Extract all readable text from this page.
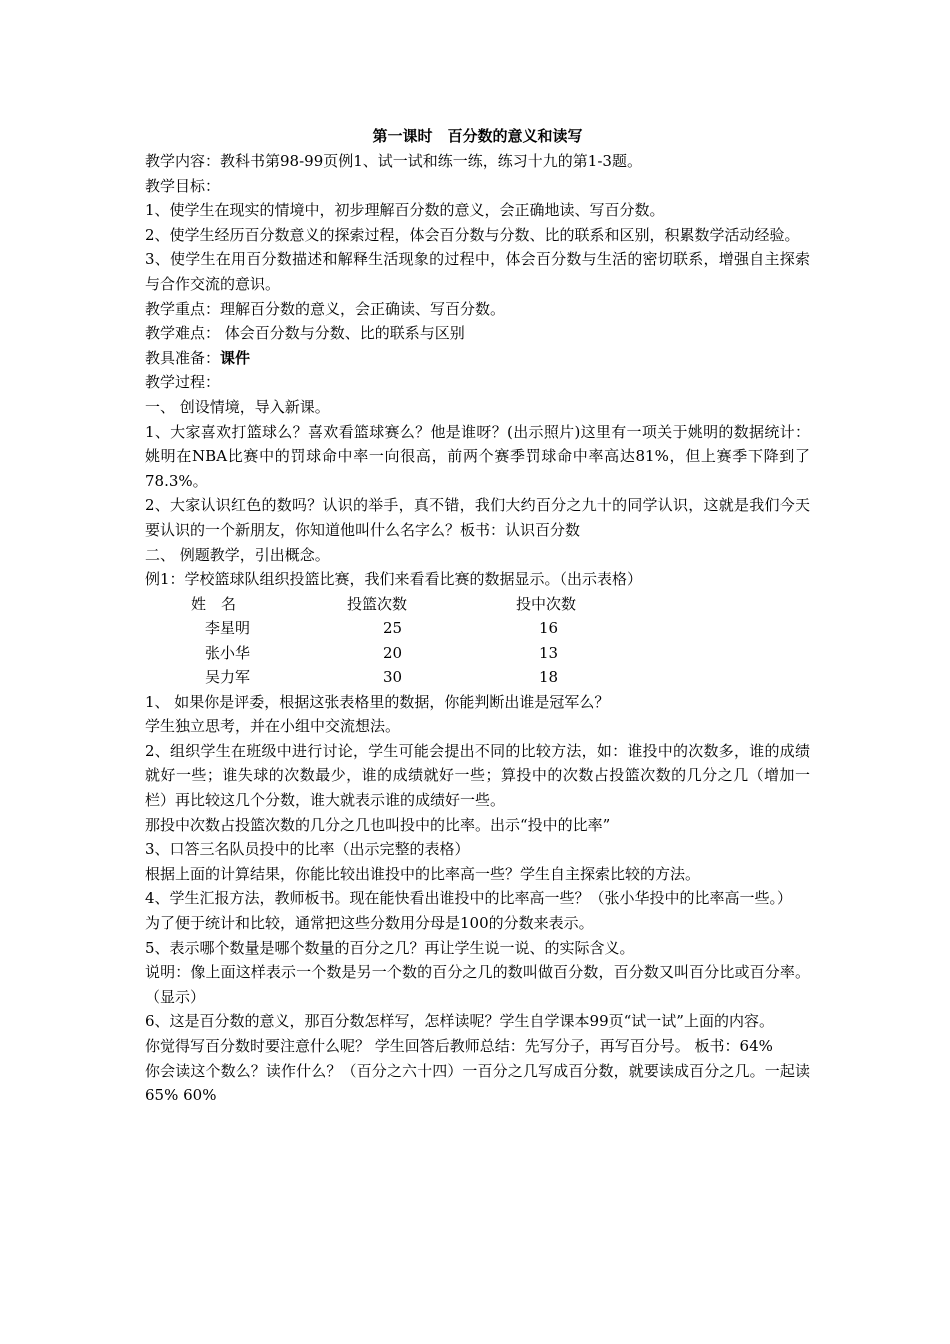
第一课时　百分数的意义和读写

教学内容：教科书第98-99页例1、试一试和练一练，练习十九的第1-3题。

教学目标：

1、使学生在现实的情境中，初步理解百分数的意义，会正确地读、写百分数。

2、使学生经历百分数意义的探索过程，体会百分数与分数、比的联系和区别，积累数学活动经验。

3、使学生在用百分数描述和解释生活现象的过程中，体会百分数与生活的密切联系，增强自主探索与合作交流的意识。

教学重点：理解百分数的意义，会正确读、写百分数。

教学难点： 体会百分数与分数、比的联系与区别

教具准备：课件

教学过程：

一、 创设情境，导入新课。

1、大家喜欢打篮球么？喜欢看篮球赛么？他是谁呀？(出示照片)这里有一项关于姚明的数据统计：姚明在NBA比赛中的罚球命中率一向很高，前两个赛季罚球命中率高达81%，但上赛季下降到了78.3%。

2、大家认识红色的数吗？认识的举手，真不错，我们大约百分之九十的同学认识，这就是我们今天要认识的一个新朋友，你知道他叫什么名字么？板书：认识百分数

二、 例题教学，引出概念。

例1：学校篮球队组织投篮比赛，我们来看看比赛的数据显示。（出示表格）

姓　名	投篮次数	投中次数
李星明	25	16
张小华	20	13
吴力军	30	18

1、 如果你是评委，根据这张表格里的数据，你能判断出谁是冠军么？

学生独立思考，并在小组中交流想法。

2、组织学生在班级中进行讨论，学生可能会提出不同的比较方法，如：谁投中的次数多，谁的成绩就好一些；谁失球的次数最少，谁的成绩就好一些；算投中的次数占投篮次数的几分之几（增加一栏）再比较这几个分数，谁大就表示谁的成绩好一些。

那投中次数占投篮次数的几分之几也叫投中的比率。出示“投中的比率”

3、口答三名队员投中的比率（出示完整的表格）

根据上面的计算结果，你能比较出谁投中的比率高一些？学生自主探索比较的方法。

4、学生汇报方法，教师板书。现在能快看出谁投中的比率高一些？（张小华投中的比率高一些。）

为了便于统计和比较，通常把这些分数用分母是100的分数来表示。

5、表示哪个数量是哪个数量的百分之几？再让学生说一说、的实际含义。

说明：像上面这样表示一个数是另一个数的百分之几的数叫做百分数，百分数又叫百分比或百分率。（显示）

6、这是百分数的意义，那百分数怎样写，怎样读呢？学生自学课本99页“试一试”上面的内容。

你觉得写百分数时要注意什么呢？ 学生回答后教师总结：先写分子，再写百分号。 板书：64%

你会读这个数么？读作什么？（百分之六十四）一百分之几写成百分数，就要读成百分之几。一起读 65% 60%
